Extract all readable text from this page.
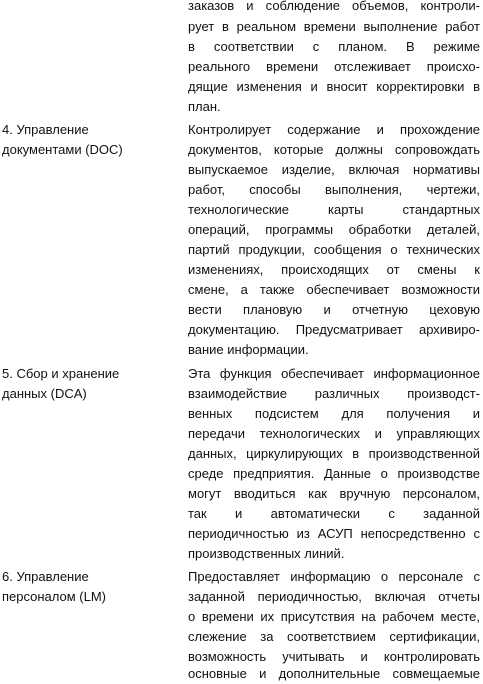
заказов и соблюдение объемов, контроли-
рует в реальном времени выполнение работ
в соответствии с планом. В режиме
реального времени отслеживает происхо-
дящие изменения и вносит корректировки в
план.
4. Управление
документами (DOC)
Контролирует содержание и прохождение
документов, которые должны сопровождать
выпускаемое изделие, включая нормативы
работ, способы выполнения, чертежи,
технологические карты стандартных
операций, программы обработки деталей,
партий продукции, сообщения о технических
изменениях, происходящих от смены к
смене, а также обеспечивает возможности
вести плановую и отчетную цеховую
документацию. Предусматривает архивиро-
вание информации.
5. Сбор и хранение
данных (DCA)
Эта функция обеспечивает информационное
взаимодействие различных производст-
венных подсистем для получения и
передачи технологических и управляющих
данных, циркулирующих в производственной
среде предприятия. Данные о производстве
могут вводиться как вручную персоналом,
так и автоматически с заданной
периодичностью из АСУП непосредственно с
производственных линий.
6. Управление
персоналом (LM)
Предоставляет информацию о персонале с
заданной периодичностью, включая отчеты
о времени их присутствия на рабочем месте,
слежение за соответствием сертификации,
возможность учитывать и контролировать
основные и дополнительные совмещаемые
